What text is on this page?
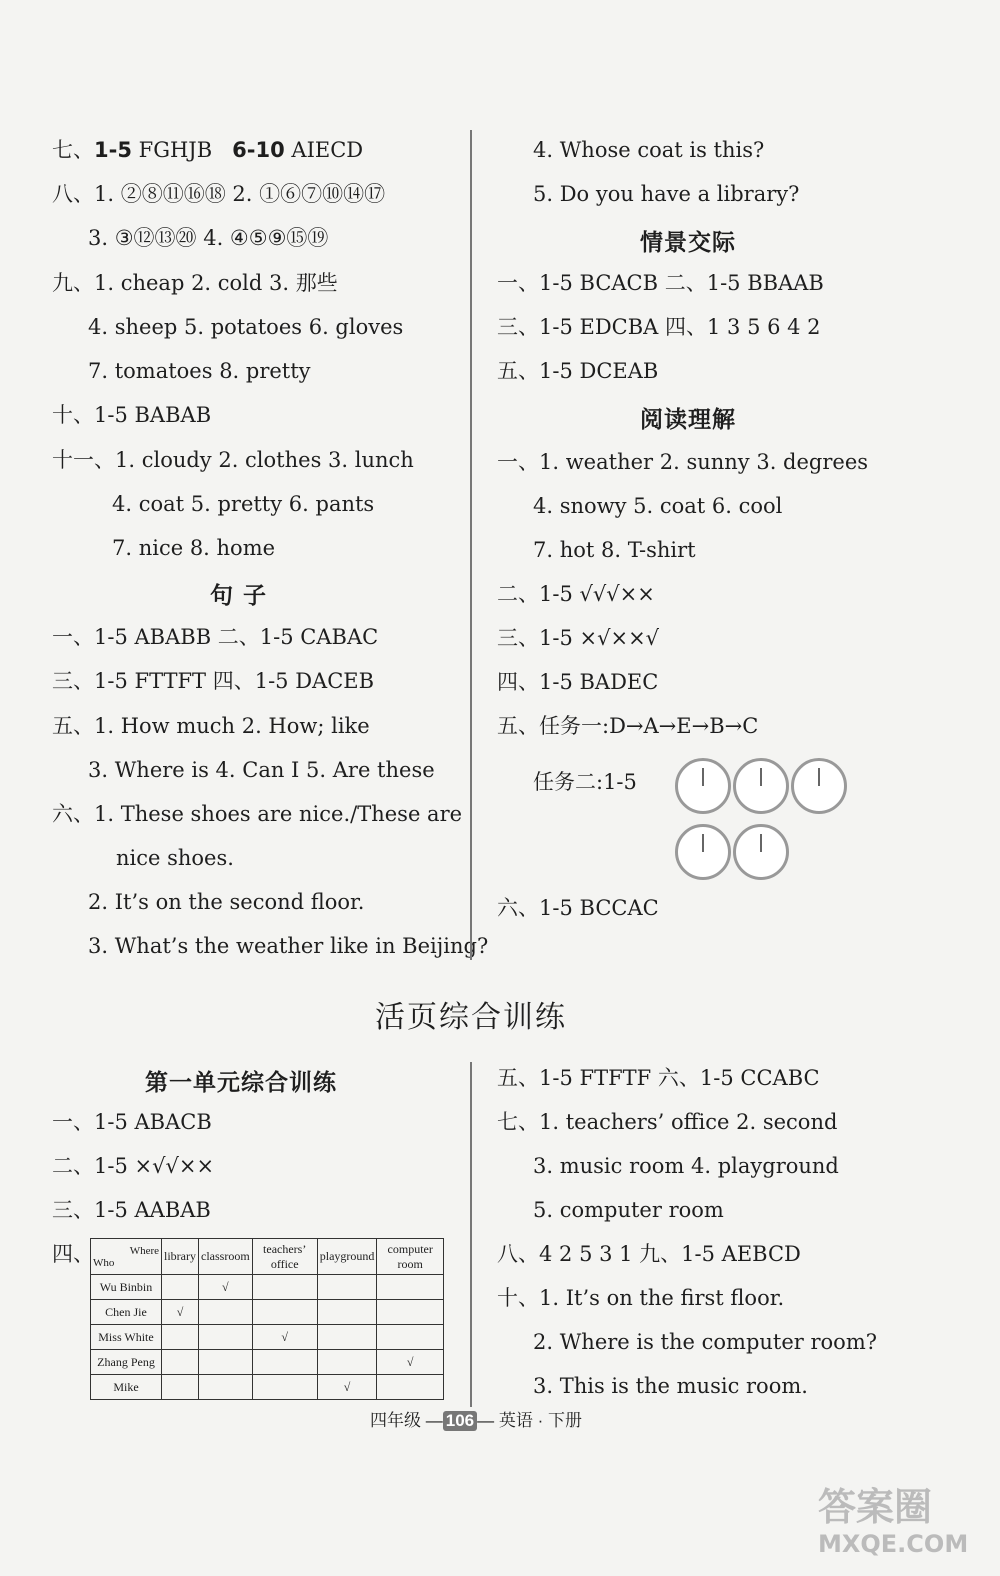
七、1-5 FGHJB   6-10 AIECD
八、1. ②⑧⑪⑯⑱ 2. ①⑥⑦⑩⑭⑰
3. ③⑫⑬⑳ 4. ④⑤⑨⑮⑲
九、1. cheap 2. cold 3. 那些
4. sheep 5. potatoes 6. gloves
7. tomatoes 8. pretty
十、1-5 BABAB
十一、1. cloudy 2. clothes 3. lunch
4. coat 5. pretty 6. pants
7. nice 8. home
句 子
一、1-5 ABABB 二、1-5 CABAC
三、1-5 FTTFT 四、1-5 DACEB
五、1. How much 2. How; like
3. Where is 4. Can I 5. Are these
六、1. These shoes are nice./These are
nice shoes.
2. It’s on the second floor.
3. What’s the weather like in Beijing?
4. Whose coat is this?
5. Do you have a library?
情景交际
一、1-5 BCACB 二、1-5 BBAAB
三、1-5 EDCBA 四、1 3 5 6 4 2
五、1-5 DCEAB
阅读理解
一、1. weather 2. sunny 3. degrees
4. snowy 5. coat 6. cool
7. hot 8. T-shirt
二、1-5 √√√××
三、1-5 ×√××√
四、1-5 BADEC
五、任务一:D→A→E→B→C
任务二:1-5
六、1-5 BCCAC
活页综合训练
第一单元综合训练
一、1-5 ABACB
二、1-5 ×√√××
三、1-5 AABAB
四、	Where
Who	library	classroom	teachers’ office	playground	computer room
Wu Binbin		√			
Chen Jie	√				
Miss White			√		
Zhang Peng					√
Mike				√	
五、1-5 FTFTF 六、1-5 CCABC
七、1. teachers’ office 2. second
3. music room 4. playground
5. computer room
八、4 2 5 3 1 九、1-5 AEBCD
十、1. It’s on the first floor.
2. Where is the computer room?
3. This is the music room.
四年级 — 106 — 英语 · 下册
答案圈
MXQE.COM
